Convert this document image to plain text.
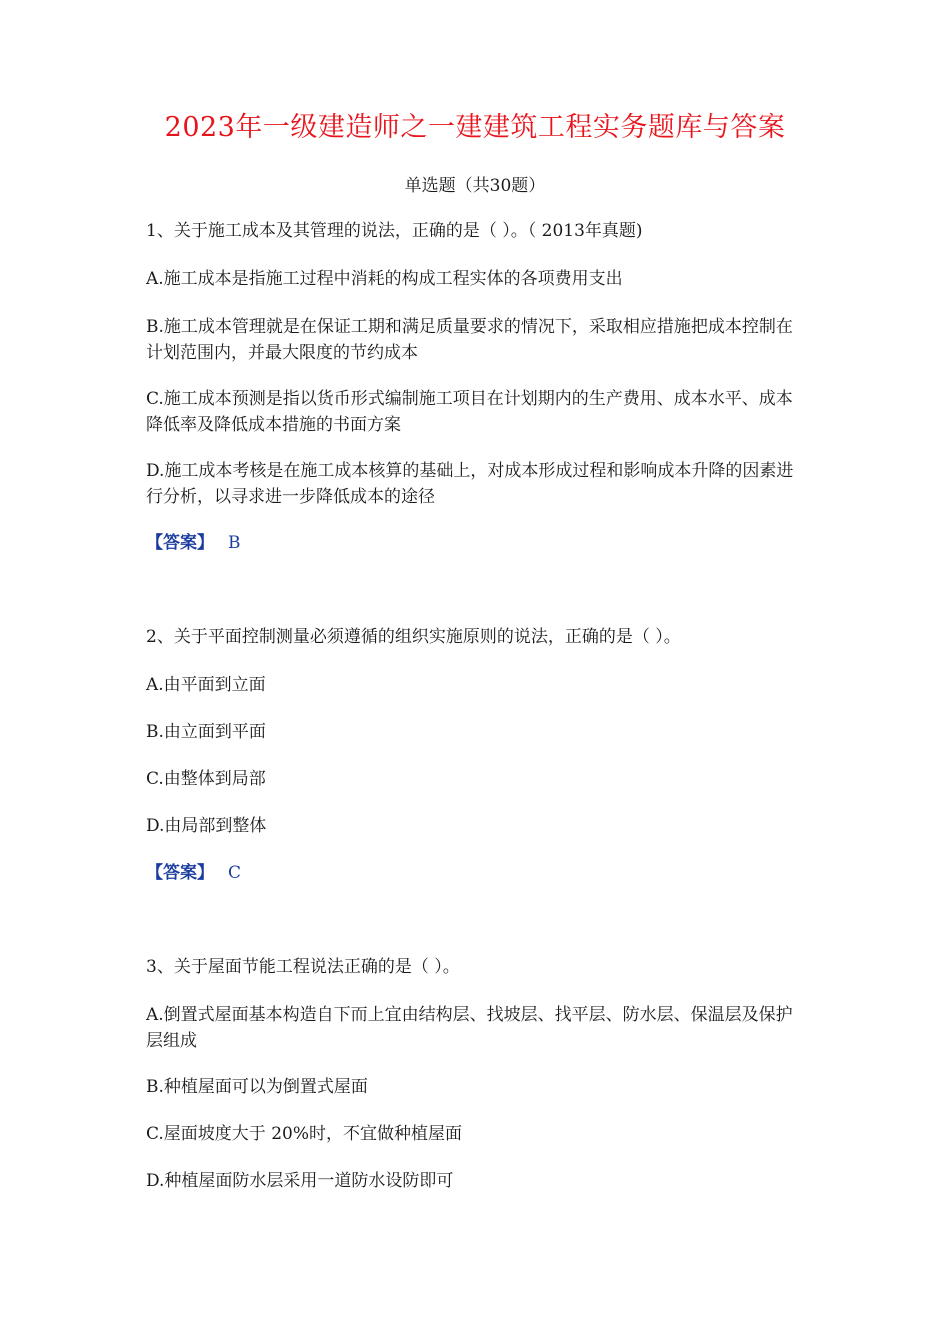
2023年一级建造师之一建建筑工程实务题库与答案
单选题（共30题）
1、关于施工成本及其管理的说法，正确的是（ ）。（ 2013年真题)
A.施工成本是指施工过程中消耗的构成工程实体的各项费用支出
B.施工成本管理就是在保证工期和满足质量要求的情况下，采取相应措施把成本控制在计划范围内，并最大限度的节约成本
C.施工成本预测是指以货币形式编制施工项目在计划期内的生产费用、成本水平、成本降低率及降低成本措施的书面方案
D.施工成本考核是在施工成本核算的基础上，对成本形成过程和影响成本升降的因素进行分析，以寻求进一步降低成本的途径
【答案】 B
2、关于平面控制测量必须遵循的组织实施原则的说法，正确的是（ ）。
A.由平面到立面
B.由立面到平面
C.由整体到局部
D.由局部到整体
【答案】 C
3、关于屋面节能工程说法正确的是（ ）。
A.倒置式屋面基本构造自下而上宜由结构层、找坡层、找平层、防水层、保温层及保护层组成
B.种植屋面可以为倒置式屋面
C.屋面坡度大于 20%时，不宜做种植屋面
D.种植屋面防水层采用一道防水设防即可
